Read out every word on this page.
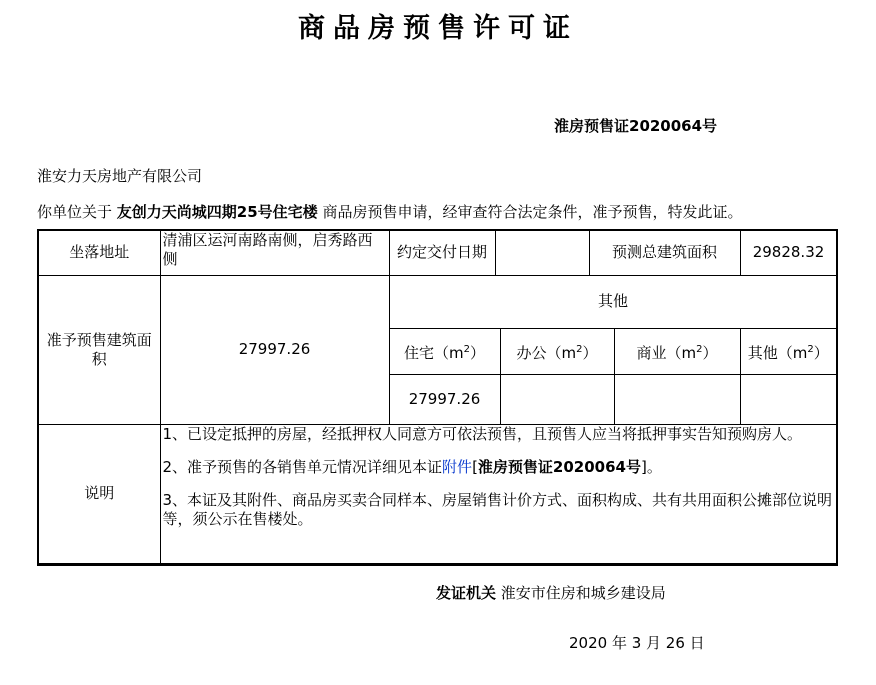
商品房预售许可证
淮房预售证2020064号
淮安力天房地产有限公司
你单位关于 友创力天尚城四期25号住宅楼 商品房预售申请，经审查符合法定条件，准予预售，特发此证。
坐落地址	清浦区运河南路南侧，启秀路西侧	约定交付日期			预测总建筑面积		29828.32
准予预售建筑面积	27997.26	其他					
		住宅$(m^2)$		办公$(m^2)$		商业$(m^2)$	其他$(m^2)$
		27997.26					
说明	1、已设定抵押的房屋，经抵押权人同意方可依法预售，且预售人应当将抵押事实告知预购房人。

2、准予预售的各销售单元情况详细见本证附件[淮房预售证2020064号]。

3、本证及其附件、商品房买卖合同样本、房屋销售计价方式、面积构成、共有共用面积公摊部位说明等，须公示在售楼处。						

发证机关 淮安市住房和城乡建设局
2020 年 3 月 26 日
